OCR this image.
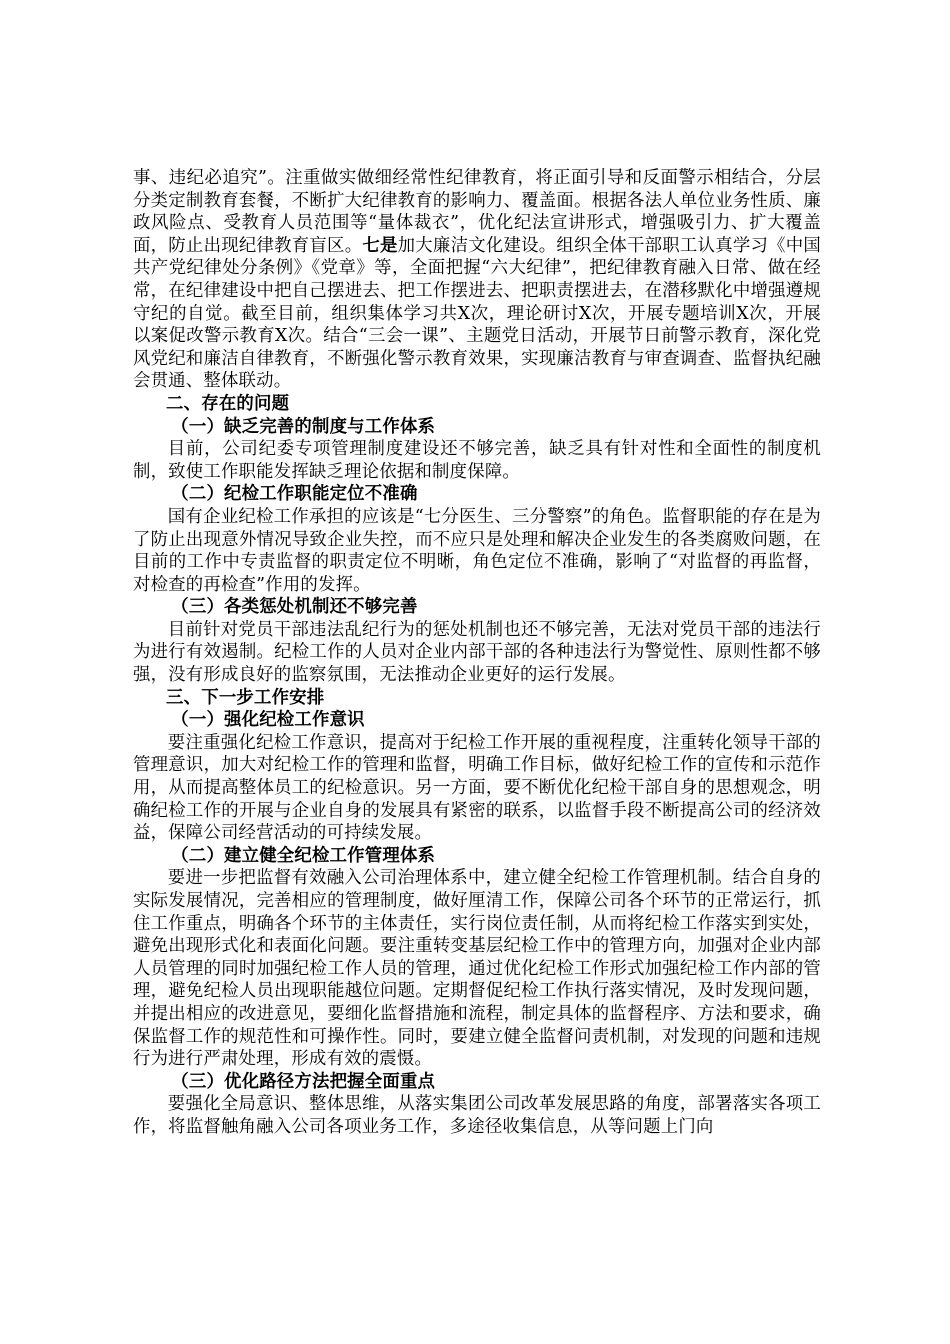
事、违纪必追究”。注重做实做细经常性纪律教育，将正面引导和反面警示相结合，分层分类定制教育套餐，不断扩大纪律教育的影响力、覆盖面。根据各法人单位业务性质、廉政风险点、受教育人员范围等“量体裁衣”，优化纪法宣讲形式，增强吸引力、扩大覆盖面，防止出现纪律教育盲区。七是加大廉洁文化建设。组织全体干部职工认真学习《中国共产党纪律处分条例》《党章》等，全面把握“六大纪律”，把纪律教育融入日常、做在经常，在纪律建设中把自己摆进去、把工作摆进去、把职责摆进去，在潜移默化中增强遵规守纪的自觉。截至目前，组织集体学习共X次，理论研讨X次，开展专题培训X次，开展以案促改警示教育X次。结合“三会一课”、主题党日活动，开展节日前警示教育，深化党风党纪和廉洁自律教育，不断强化警示教育效果，实现廉洁教育与审查调查、监督执纪融会贯通、整体联动。

二、存在的问题

（一）缺乏完善的制度与工作体系

目前，公司纪委专项管理制度建设还不够完善，缺乏具有针对性和全面性的制度机制，致使工作职能发挥缺乏理论依据和制度保障。

（二）纪检工作职能定位不准确

国有企业纪检工作承担的应该是“七分医生、三分警察”的角色。监督职能的存在是为了防止出现意外情况导致企业失控，而不应只是处理和解决企业发生的各类腐败问题，在目前的工作中专责监督的职责定位不明晰，角色定位不准确，影响了“对监督的再监督，对检查的再检查”作用的发挥。

（三）各类惩处机制还不够完善

目前针对党员干部违法乱纪行为的惩处机制也还不够完善，无法对党员干部的违法行为进行有效遏制。纪检工作的人员对企业内部干部的各种违法行为警觉性、原则性都不够强，没有形成良好的监察氛围，无法推动企业更好的运行发展。

三、下一步工作安排

（一）强化纪检工作意识

要注重强化纪检工作意识，提高对于纪检工作开展的重视程度，注重转化领导干部的管理意识，加大对纪检工作的管理和监督，明确工作目标，做好纪检工作的宣传和示范作用，从而提高整体员工的纪检意识。另一方面，要不断优化纪检干部自身的思想观念，明确纪检工作的开展与企业自身的发展具有紧密的联系，以监督手段不断提高公司的经济效益，保障公司经营活动的可持续发展。

（二）建立健全纪检工作管理体系

要进一步把监督有效融入公司治理体系中，建立健全纪检工作管理机制。结合自身的实际发展情况，完善相应的管理制度，做好厘清工作，保障公司各个环节的正常运行，抓住工作重点，明确各个环节的主体责任，实行岗位责任制，从而将纪检工作落实到实处，避免出现形式化和表面化问题。要注重转变基层纪检工作中的管理方向，加强对企业内部人员管理的同时加强纪检工作人员的管理，通过优化纪检工作形式加强纪检工作内部的管理，避免纪检人员出现职能越位问题。定期督促纪检工作执行落实情况，及时发现问题，并提出相应的改进意见，要细化监督措施和流程，制定具体的监督程序、方法和要求，确保监督工作的规范性和可操作性。同时，要建立健全监督问责机制，对发现的问题和违规行为进行严肃处理，形成有效的震慑。

（三）优化路径方法把握全面重点

要强化全局意识、整体思维，从落实集团公司改革发展思路的角度，部署落实各项工作，将监督触角融入公司各项业务工作，多途径收集信息，从等问题上门向
